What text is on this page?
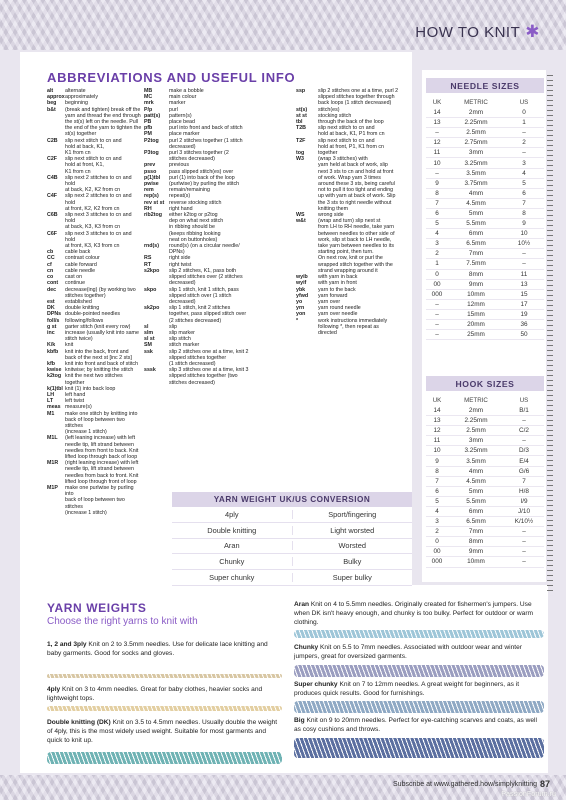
HOW TO KNIT ✱
ABBREVIATIONS AND USEFUL INFO
alt	alternate
approx approximately
beg	beginning
b&t	(break and tighten) break off the
yarn and thread the end through
the st(s) left on the needle. Pull
the end of the yarn to tighten the
st(s) together
C2B	slip next stitch to cn and
hold at back, K1,
K1 from cn
C2F	slip next stitch to cn and
hold at front, K1,
K1 from cn
C4B	slip next 2 stitches to cn and hold
at back, K2, K2 from cn
C4F	slip next 2 stitches to cn and hold
at front, K2, K2 from cn
C6B	slip next 3 stitches to cn and hold
at back, K3, K3 from cn
C6F	slip next 3 stitches to cn and hold
at front, K3, K3 from cn
cb	cable back
CC	contrast colour
cf	cable forward
cn	cable needle
co	cast on
cont	continue
dec	decrease(ing) (by working two
stitches together)
est	established
DK	double knitting
DPNs double-pointed needles
foll/s	following/follows
g st	garter stitch (knit every row)
inc	increase (usually knit into same
stitch twice)
K/k	knit
kbfb	knit into the back, front and
back of the next st [inc 2 sts]
kfb	knit into front and back of stitch
kwise knitwise; by knitting the stitch
k2tog knit the next two stitches
together
k(1)tbl knit (1) into back loop
LH	left hand
LT	left twist
meas measure(s)
M1	make one stitch by knitting into
back of loop between two stitches
(increase 1 stitch)
M1L	(left leaning increase) with left
needle tip, lift strand between
needles from front to back. Knit
lifted loop through back of loop
M1R	(right leaning increase) with left
needle tip, lift strand between
needles from back to front. Knit
lifted loop through front of loop
M1P	make one purlwise by purling into
back of loop between two stitches
(increase 1 stitch)
MB	make a bobble
MC	main colour
mrk	marker
P/p	purl
patt(s)	pattern(s)
PB	place bead
pfb	purl into front and back of stitch
PM	place marker
P2tog	purl 2 stitches together (1 stitch
decreased)
P3tog	purl 3 stitches together (2
stitches decreased)
prev	previous
psso	pass slipped stitch(es) over
p(1)tbl	purl (1) into back of the loop
pwise	(purlwise) by purling the stitch
rem	remain/remaining
rep(s)	repeat(s)
rev st st reverse stocking stitch
RH	right hand
rib2tog	either k2tog or p2tog
dep on what next stitch
in ribbing should be
(keeps ribbing looking
neat on buttonholes)
rnd(s)	round(s) (on a circular needle/
DPNs)
RS	right side
RT	right twist
s2kpo	slip 2 stitches, K1, pass both
slipped stitches over (2 stitches
decreased)
skpo	slip 1 stitch, knit 1 stitch, pass
slipped stitch over (1 stitch
decreased)
sk2po	slip 1 stitch, knit 2 stitches
together, pass slipped stitch over
(2 stitches decreased)
sl	slip
slm	slip marker
sl st	slip stitch
SM	stitch marker
ssk	slip 2 stitches one at a time, knit 2
slipped stitches together
(1 stitch decreased)
sssk	slip 3 stitches one at a time, knit 3
slipped stitches together (two
stitches decreased)
ssp	slip 2 stitches one at a time, purl 2
slipped stitches together through
back loops (1 stitch decreased)
st(s)	stitch(es)
st st	stocking stitch
tbl	through the back of the loop
T2B	slip next stitch to cn and
hold at back, K1, P1 from cn
T2F	slip next stitch to cn and
hold at front, P1, K1 from cn
tog	together
W3	(wrap 3 stitches) with
yarn held at back of work, slip
next 3 sts to cn and hold at front
of work. Wrap yarn 3 times
around these 3 sts, being careful
not to pull it too tight and ending
up with yarn at back of work. Slip
the 3 sts to right needle without
knitting them
WS	wrong side
w&t	(wrap and turn) slip next st
from LH to RH needle, take yarn
between needles to other side of
work, slip st back to LH needle,
take yarn between needles to its
starting point, then turn.
On next row, knit or purl the
wrapped stitch together with the
strand wrapping around it
wyib	with yarn in back
wyif	with yarn in front
ybk	yarn to the back
yfwd	yarn forward
yo	yarn over
yrn	yarn round needle
yon	yarn over needle
*	work instructions immediately
following *, then repeat as
directed
YARN WEIGHT UK/US CONVERSION
4ply	Sport/fingering
Double knitting	Light worsted
Aran	Worsted
Chunky	Bulky
Super chunky	Super bulky
NEEDLE SIZES
UK	METRIC	US
14	2mm	0
13	2.25mm	1
–	2.5mm	–
12	2.75mm	2
11	3mm	–
10	3.25mm	3
–	3.5mm	4
9	3.75mm	5
8	4mm	6
7	4.5mm	7
6	5mm	8
5	5.5mm	9
4	6mm	10
3	6.5mm	10½
2	7mm	–
1	7.5mm	–
0	8mm	11
00	9mm	13
000	10mm	15
–	12mm	17
–	15mm	19
–	20mm	36
–	25mm	50
HOOK SIZES
UK	METRIC	US
14	2mm	B/1
13	2.25mm	–
12	2.5mm	C/2
11	3mm	–
10	3.25mm	D/3
9	3.5mm	E/4
8	4mm	G/6
7	4.5mm	7
6	5mm	H/8
5	5.5mm	I/9
4	6mm	J/10
3	6.5mm	K/10½
2	7mm	–
0	8mm	–
00	9mm	–
000	10mm	–
YARN WEIGHTS
Choose the right yarns to knit with
1, 2 and 3ply Knit on 2 to 3.5mm needles. Use for delicate lace knitting and baby garments. Good for socks and gloves.
4ply Knit on 3 to 4mm needles. Great for baby clothes, heavier socks and lightweight tops.
Double knitting (DK) Knit on 3.5 to 4.5mm needles. Usually double the weight of 4ply, this is the most widely used weight. Suitable for most garments and quick to knit up.
Aran Knit on 4 to 5.5mm needles. Originally created for fishermen's jumpers. Use when DK isn't heavy enough, and chunky is too bulky. Perfect for outdoor or warm clothing.
Chunky Knit on 5.5 to 7mm needles. Associated with outdoor wear and winter jumpers, great for oversized garments.
Super chunky Knit on 7 to 12mm needles. A great weight for beginners, as it produces quick results. Good for furnishings.
Big Knit on 9 to 20mm needles. Perfect for eye-catching scarves and coats, as well as cosy cushions and throws.
Subscribe at www.gathered.how/simplyknitting 87
PassionForum.ru
